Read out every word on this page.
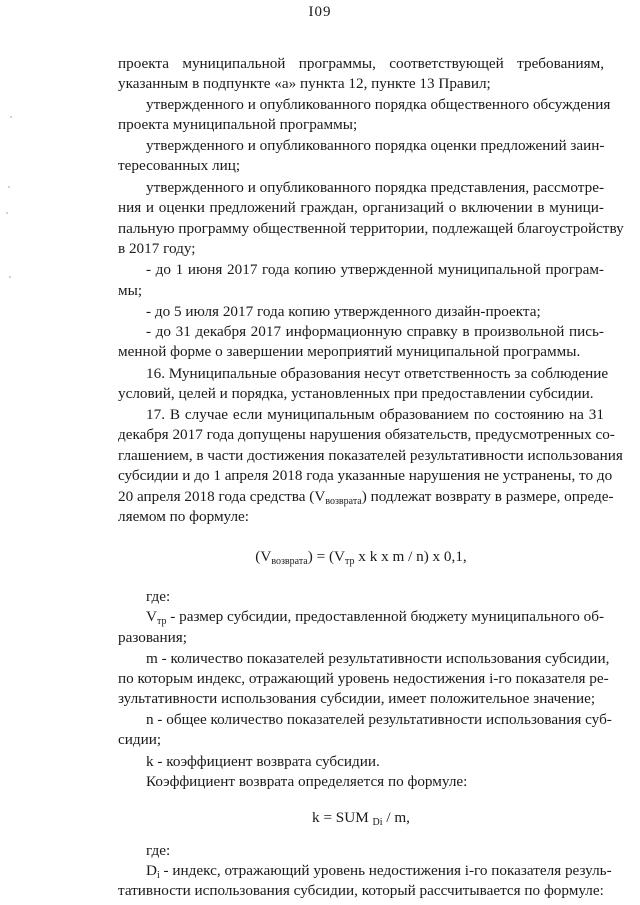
I09
проекта муниципальной программы, соответствующей требованиям,
указанным в подпункте «а» пункта 12, пункте 13 Правил;
утвержденного и опубликованного порядка общественного обсуждения
проекта муниципальной программы;
утвержденного и опубликованного порядка оценки предложений заин-
тересованных лиц;
утвержденного и опубликованного порядка представления, рассмотре-
ния и оценки предложений граждан, организаций о включении в муници-
пальную программу общественной территории, подлежащей благоустройству
в 2017 году;
- до 1 июня 2017 года копию утвержденной муниципальной програм-
мы;
- до 5 июля 2017 года копию утвержденного дизайн-проекта;
- до 31 декабря 2017 информационную справку в произвольной пись-
менной форме о завершении мероприятий муниципальной программы.
16. Муниципальные образования несут ответственность за соблюдение
условий, целей и порядка, установленных при предоставлении субсидии.
17. В случае если муниципальным образованием по состоянию на 31
декабря 2017 года допущены нарушения обязательств, предусмотренных со-
глашением, в части достижения показателей результативности использования
субсидии и до 1 апреля 2018 года указанные нарушения не устранены, то до
20 апреля 2018 года средства $(V_{возврата})$ подлежат возврату в размере, опреде-
ляемом по формуле:
$(V_{возврата}) = (V_{тр}$ x k x m / n) x 0,1,
где:
$V_{тр}$ - размер субсидии, предоставленной бюджету муниципального об-
разования;
m - количество показателей результативности использования субсидии,
по которым индекс, отражающий уровень недостижения i-го показателя ре-
зультативности использования субсидии, имеет положительное значение;
n - общее количество показателей результативности использования суб-
сидии;
k - коэффициент возврата субсидии.
Коэффициент возврата определяется по формуле:
k = SUM $_{Di}$ / m,
где:
$D_i$ - индекс, отражающий уровень недостижения i-го показателя резуль-
тативности использования субсидии, который рассчитывается по формуле:
